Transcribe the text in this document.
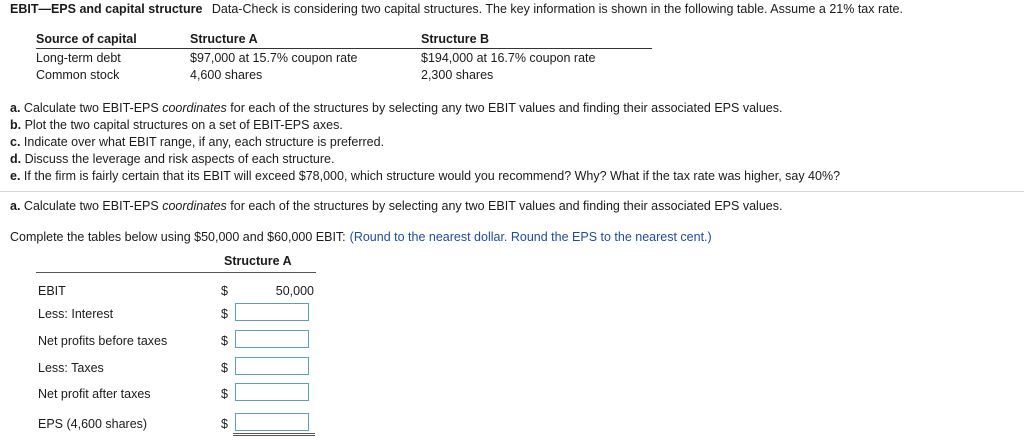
EBIT—EPS and capital structure Data-Check is considering two capital structures. The key information is shown in the following table. Assume a 21% tax rate.
Source of capital	Structure A	Structure B
Long-term debt	$97,000 at 15.7% coupon rate	$194,000 at 16.7% coupon rate
Common stock	4,600 shares	2,300 shares
a. Calculate two EBIT-EPS coordinates for each of the structures by selecting any two EBIT values and finding their associated EPS values.
b. Plot the two capital structures on a set of EBIT-EPS axes.
c. Indicate over what EBIT range, if any, each structure is preferred.
d. Discuss the leverage and risk aspects of each structure.
e. If the firm is fairly certain that its EBIT will exceed $78,000, which structure would you recommend? Why? What if the tax rate was higher, say 40%?
a. Calculate two EBIT-EPS coordinates for each of the structures by selecting any two EBIT values and finding their associated EPS values.
Complete the tables below using $50,000 and $60,000 EBIT: (Round to the nearest dollar. Round the EPS to the nearest cent.)
Structure A
EBIT	$	50,000
Less: Interest	$
Net profits before taxes	$
Less: Taxes	$
Net profit after taxes	$
EPS (4,600 shares)	$
